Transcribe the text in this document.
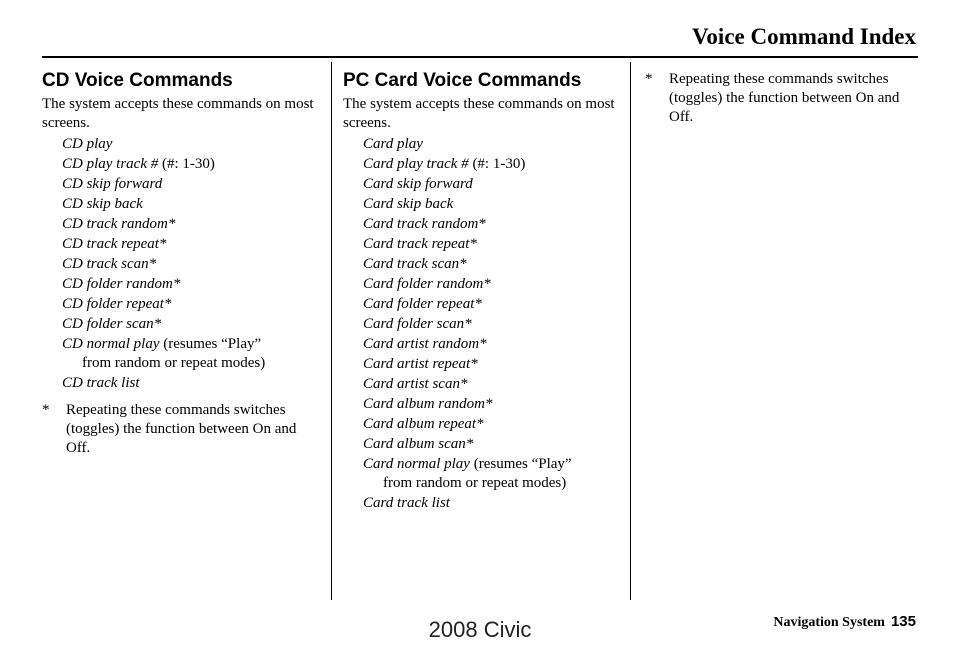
Voice Command Index
CD Voice Commands

The system accepts these commands on most screens.

CD play
CD play track # (#: 1-30)
CD skip forward
CD skip back
CD track random*
CD track repeat*
CD track scan*
CD folder random*
CD folder repeat*
CD folder scan*
CD normal play (resumes “Play”
from random or repeat modes)
CD track list
* Repeating these commands switches (toggles) the function between On and Off.
PC Card Voice Commands

The system accepts these commands on most screens.

Card play
Card play track # (#: 1-30)
Card skip forward
Card skip back
Card track random*
Card track repeat*
Card track scan*
Card folder random*
Card folder repeat*
Card folder scan*
Card artist random*
Card artist repeat*
Card artist scan*
Card album random*
Card album repeat*
Card album scan*
Card normal play (resumes “Play”
from random or repeat modes)
Card track list
* Repeating these commands switches (toggles) the function between On and Off.
Navigation System 135
2008 Civic
